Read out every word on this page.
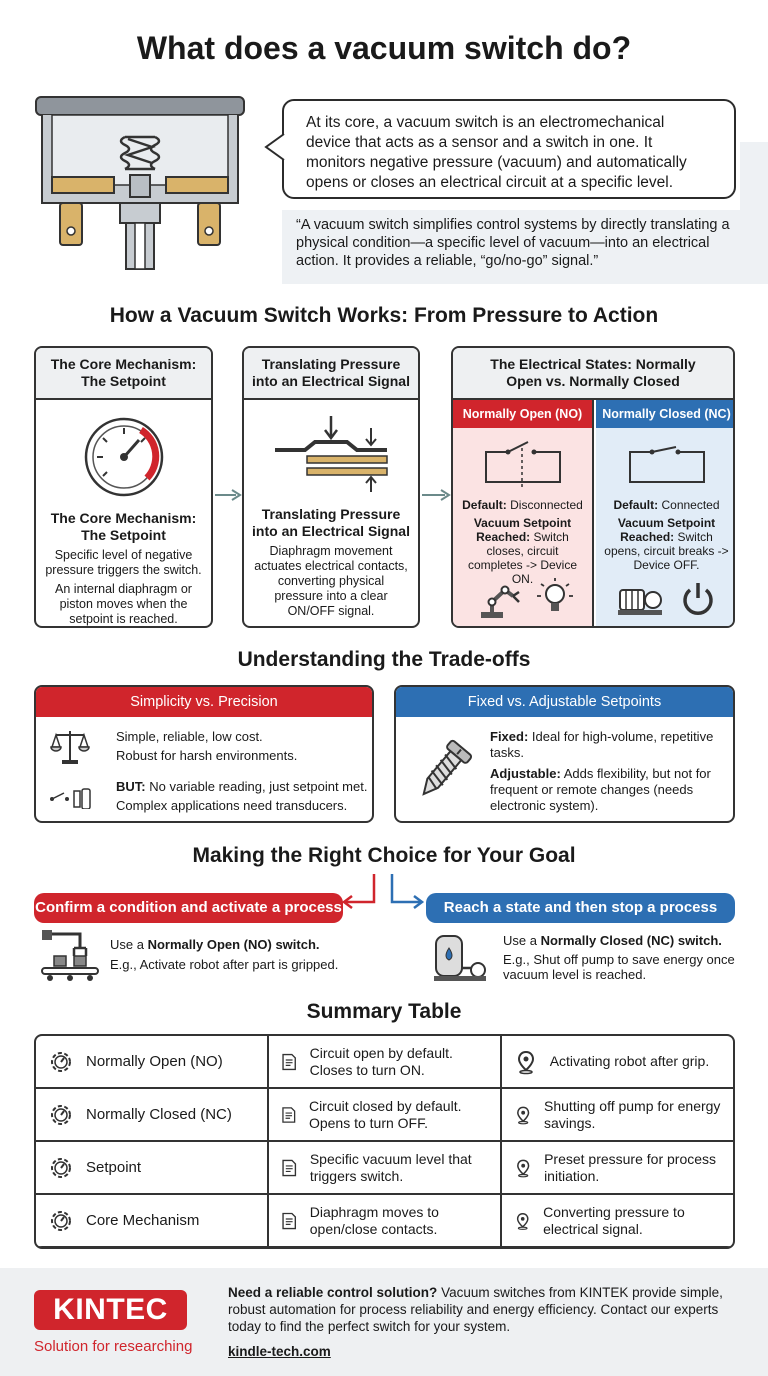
What does a vacuum switch do?
At its core, a vacuum switch is an electromechanical device that acts as a sensor and a switch in one. It monitors negative pressure (vacuum) and automatically opens or closes an electrical circuit at a specific level.
“A vacuum switch simplifies control systems by directly translating a physical condition—a specific level of vacuum—into an electrical action. It provides a reliable, “go/no-go” signal.”
How a Vacuum Switch Works: From Pressure to Action
The Core Mechanism: The Setpoint
The Core Mechanism: The Setpoint
Specific level of negative pressure triggers the switch.
An internal diaphragm or piston moves when the setpoint is reached.
Translating Pressure into an Electrical Signal
Translating Pressure into an Electrical Signal
Diaphragm movement actuates electrical contacts, converting physical pressure into a clear ON/OFF signal.
The Electrical States: Normally Open vs. Normally Closed
Normally Open (NO)
Default: Disconnected
Vacuum Setpoint Reached: Switch closes, circuit completes -> Device ON.
Normally Closed (NC)
Default: Connected
Vacuum Setpoint Reached: Switch opens, circuit breaks -> Device OFF.
Understanding the Trade-offs
Simplicity vs. Precision
Simple, reliable, low cost.
Robust for harsh environments.
BUT: No variable reading, just setpoint met.
Complex applications need transducers.
Fixed vs. Adjustable Setpoints
Fixed: Ideal for high-volume, repetitive tasks.
Adjustable: Adds flexibility, but not for frequent or remote changes (needs electronic system).
Making the Right Choice for Your Goal
Confirm a condition and activate a process	Reach a state and then stop a process
Use a Normally Open (NO) switch.
E.g., Activate robot after part is gripped.
Use a Normally Closed (NC) switch.
E.g., Shut off pump to save energy once vacuum level is reached.
Summary Table
Normally Open (NO)	Circuit open by default. Closes to turn ON.	Activating robot after grip.

Normally Closed (NC)	Circuit closed by default. Opens to turn OFF.	Shutting off pump for energy savings.

Setpoint	Specific vacuum level that triggers switch.	Preset pressure for process initiation.

Core Mechanism	Diaphragm moves to open/close contacts.	Converting pressure to electrical signal.
KINTEC
Solution for researching
Need a reliable control solution? Vacuum switches from KINTEK provide simple, robust automation for process reliability and energy efficiency. Contact our experts today to find the perfect switch for your system.
kindle-tech.com
